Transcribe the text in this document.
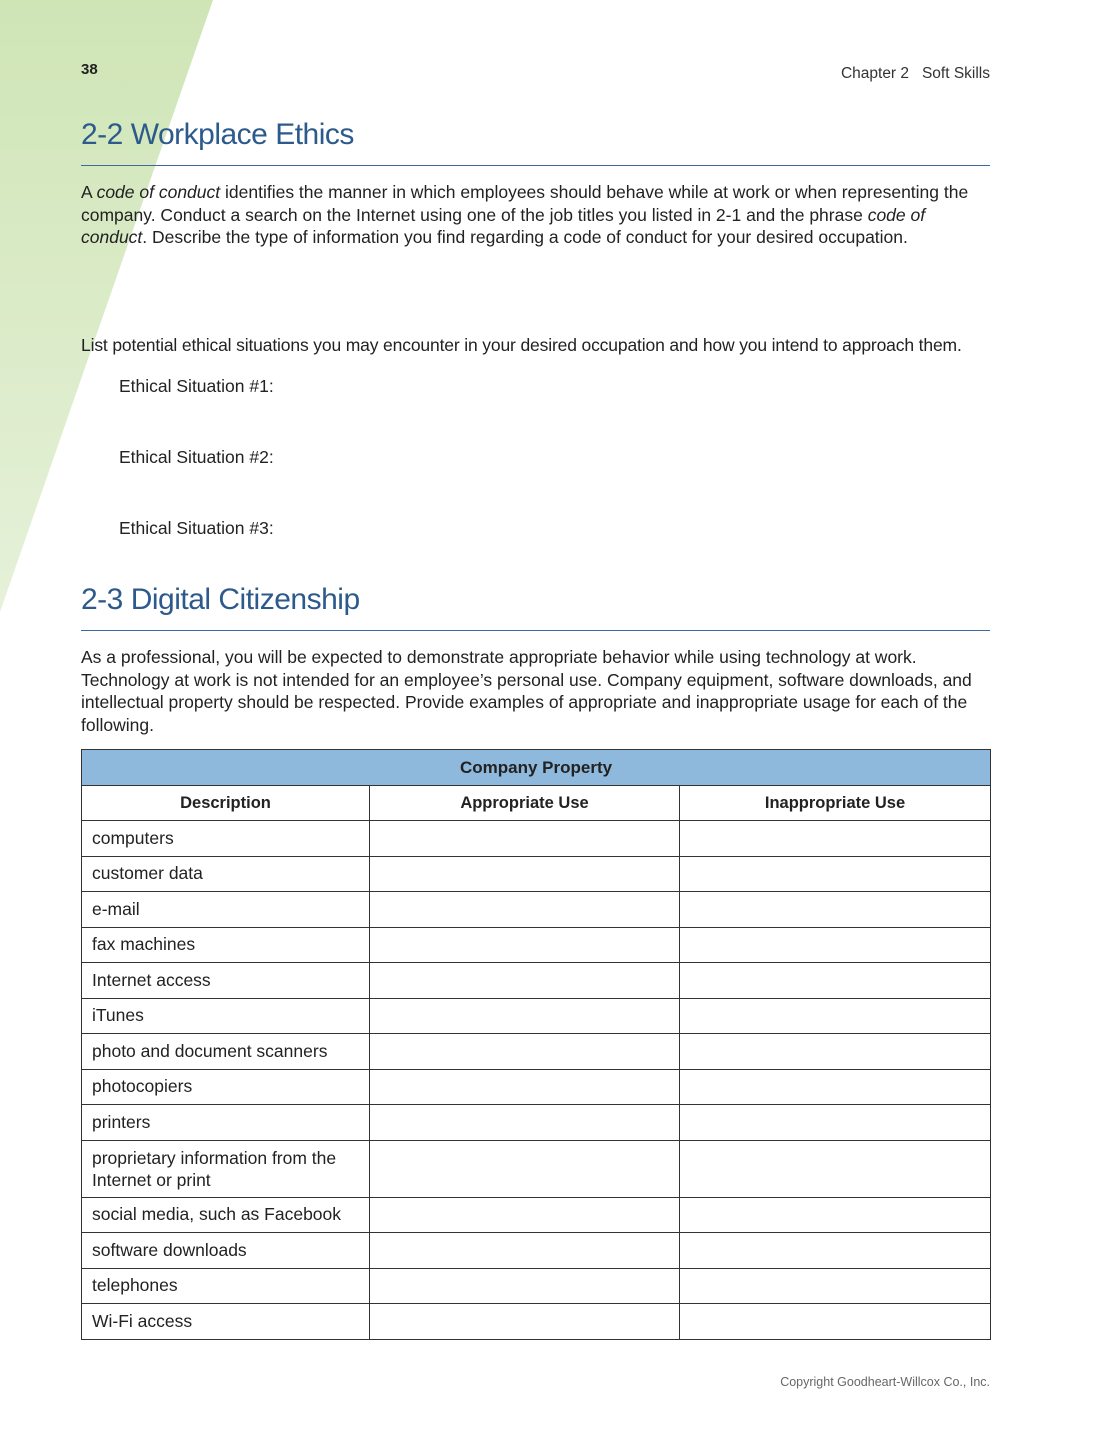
38	Chapter 2   Soft Skills
2-2 Workplace Ethics

A code of conduct identifies the manner in which employees should behave while at work or when representing the company. Conduct a search on the Internet using one of the job titles you listed in 2-1 and the phrase code of conduct. Describe the type of information you find regarding a code of conduct for your desired occupation.

List potential ethical situations you may encounter in your desired occupation and how you intend to approach them.

Ethical Situation #1:
Ethical Situation #2:
Ethical Situation #3:
2-3 Digital Citizenship

As a professional, you will be expected to demonstrate appropriate behavior while using technology at work. Technology at work is not intended for an employee’s personal use. Company equipment, software downloads, and intellectual property should be respected. Provide examples of appropriate and inappropriate usage for each of the following.

Company Property		
Description	Appropriate Use	Inappropriate Use
computers		
customer data		
e-mail		
fax machines		
Internet access		
iTunes		
photo and document scanners		
photocopiers		
printers		
proprietary information from the Internet or print		
social media, such as Facebook		
software downloads		
telephones		
Wi-Fi access		
Copyright Goodheart-Willcox Co., Inc.
